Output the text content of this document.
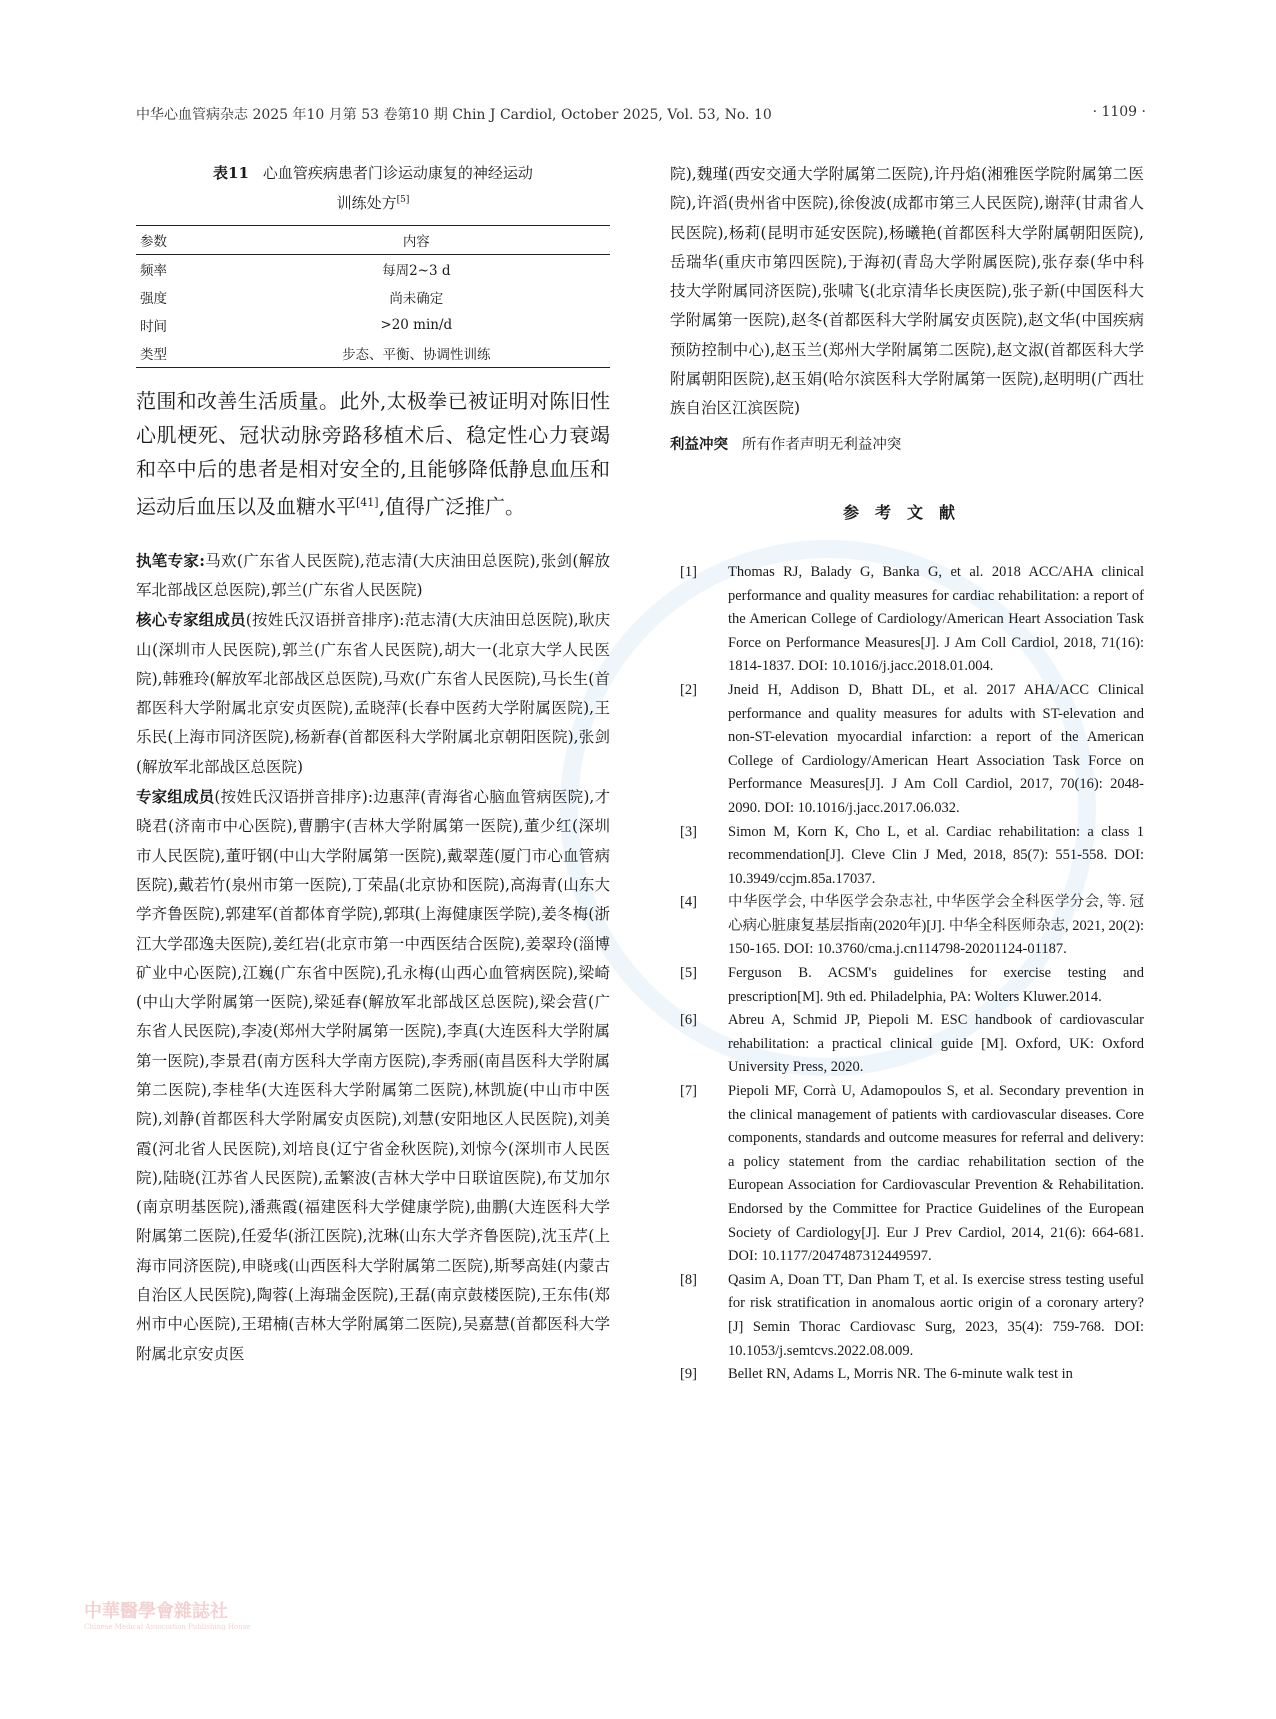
中华心血管病杂志 2025 年10 月第 53 卷第10 期 Chin J Cardiol, October 2025, Vol. 53, No. 10	· 1109 ·
表11 心血管疾病患者门诊运动康复的神经运动
训练处方[5]
参数	内容
频率	每周2~3 d
强度	尚未确定
时间	>20 min/d
类型	步态、平衡、协调性训练

范围和改善生活质量。此外,太极拳已被证明对陈旧性心肌梗死、冠状动脉旁路移植术后、稳定性心力衰竭和卒中后的患者是相对安全的,且能够降低静息血压和运动后血压以及血糖水平[41],值得广泛推广。

执笔专家:马欢(广东省人民医院),范志清(大庆油田总医院),张剑(解放军北部战区总医院),郭兰(广东省人民医院)

核心专家组成员(按姓氏汉语拼音排序):范志清(大庆油田总医院),耿庆山(深圳市人民医院),郭兰(广东省人民医院),胡大一(北京大学人民医院),韩雅玲(解放军北部战区总医院),马欢(广东省人民医院),马长生(首都医科大学附属北京安贞医院),孟晓萍(长春中医药大学附属医院),王乐民(上海市同济医院),杨新春(首都医科大学附属北京朝阳医院),张剑(解放军北部战区总医院)

专家组成员(按姓氏汉语拼音排序):边惠萍(青海省心脑血管病医院),才晓君(济南市中心医院),曹鹏宇(吉林大学附属第一医院),董少红(深圳市人民医院),董吁钢(中山大学附属第一医院),戴翠莲(厦门市心血管病医院),戴若竹(泉州市第一医院),丁荣晶(北京协和医院),高海青(山东大学齐鲁医院),郭建军(首都体育学院),郭琪(上海健康医学院),姜冬梅(浙江大学邵逸夫医院),姜红岩(北京市第一中西医结合医院),姜翠玲(淄博矿业中心医院),江巍(广东省中医院),孔永梅(山西心血管病医院),梁崎(中山大学附属第一医院),梁延春(解放军北部战区总医院),梁会营(广东省人民医院),李凌(郑州大学附属第一医院),李真(大连医科大学附属第一医院),李景君(南方医科大学南方医院),李秀丽(南昌医科大学附属第二医院),李桂华(大连医科大学附属第二医院),林凯旋(中山市中医院),刘静(首都医科大学附属安贞医院),刘慧(安阳地区人民医院),刘美霞(河北省人民医院),刘培良(辽宁省金秋医院),刘惊今(深圳市人民医院),陆晓(江苏省人民医院),孟繁波(吉林大学中日联谊医院),布艾加尔(南京明基医院),潘燕霞(福建医科大学健康学院),曲鹏(大连医科大学附属第二医院),任爱华(浙江医院),沈琳(山东大学齐鲁医院),沈玉芹(上海市同济医院),申晓彧(山西医科大学附属第二医院),斯琴高娃(内蒙古自治区人民医院),陶蓉(上海瑞金医院),王磊(南京鼓楼医院),王东伟(郑州市中心医院),王珺楠(吉林大学附属第二医院),吴嘉慧(首都医科大学附属北京安贞医

院),魏瑾(西安交通大学附属第二医院),许丹焰(湘雅医学院附属第二医院),许滔(贵州省中医院),徐俊波(成都市第三人民医院),谢萍(甘肃省人民医院),杨莉(昆明市延安医院),杨曦艳(首都医科大学附属朝阳医院),岳瑞华(重庆市第四医院),于海初(青岛大学附属医院),张存泰(华中科技大学附属同济医院),张啸飞(北京清华长庚医院),张子新(中国医科大学附属第一医院),赵冬(首都医科大学附属安贞医院),赵文华(中国疾病预防控制中心),赵玉兰(郑州大学附属第二医院),赵文淑(首都医科大学附属朝阳医院),赵玉娟(哈尔滨医科大学附属第一医院),赵明明(广西壮族自治区江滨医院)

利益冲突 所有作者声明无利益冲突

参考文献
[1] Thomas RJ, Balady G, Banka G, et al. 2018 ACC/AHA clinical performance and quality measures for cardiac rehabilitation: a report of the American College of Cardiology/American Heart Association Task Force on Performance Measures[J]. J Am Coll Cardiol, 2018, 71(16): 1814-1837. DOI: 10.1016/j.jacc.2018.01.004.
[2] Jneid H, Addison D, Bhatt DL, et al. 2017 AHA/ACC Clinical performance and quality measures for adults with ST-elevation and non-ST-elevation myocardial infarction: a report of the American College of Cardiology/American Heart Association Task Force on Performance Measures[J]. J Am Coll Cardiol, 2017, 70(16): 2048-2090. DOI: 10.1016/j.jacc.2017.06.032.
[3] Simon M, Korn K, Cho L, et al. Cardiac rehabilitation: a class 1 recommendation[J]. Cleve Clin J Med, 2018, 85(7): 551-558. DOI: 10.3949/ccjm.85a.17037.
[4] 中华医学会, 中华医学会杂志社, 中华医学会全科医学分会, 等. 冠心病心脏康复基层指南(2020年)[J]. 中华全科医师杂志, 2021, 20(2): 150-165. DOI: 10.3760/cma.j.cn114798-20201124-01187.
[5] Ferguson B. ACSM's guidelines for exercise testing and prescription[M]. 9th ed. Philadelphia, PA: Wolters Kluwer.2014.
[6] Abreu A, Schmid JP, Piepoli M. ESC handbook of cardiovascular rehabilitation: a practical clinical guide [M]. Oxford, UK: Oxford University Press, 2020.
[7] Piepoli MF, Corrà U, Adamopoulos S, et al. Secondary prevention in the clinical management of patients with cardiovascular diseases. Core components, standards and outcome measures for referral and delivery: a policy statement from the cardiac rehabilitation section of the European Association for Cardiovascular Prevention & Rehabilitation. Endorsed by the Committee for Practice Guidelines of the European Society of Cardiology[J]. Eur J Prev Cardiol, 2014, 21(6): 664-681. DOI: 10.1177/2047487312449597.
[8] Qasim A, Doan TT, Dan Pham T, et al. Is exercise stress testing useful for risk stratification in anomalous aortic origin of a coronary artery? [J] Semin Thorac Cardiovasc Surg, 2023, 35(4): 759-768. DOI: 10.1053/j.semtcvs.2022.08.009.
[9] Bellet RN, Adams L, Morris NR. The 6-minute walk test in
中華醫學會雜誌社
Chinese Medical Association Publishing House
